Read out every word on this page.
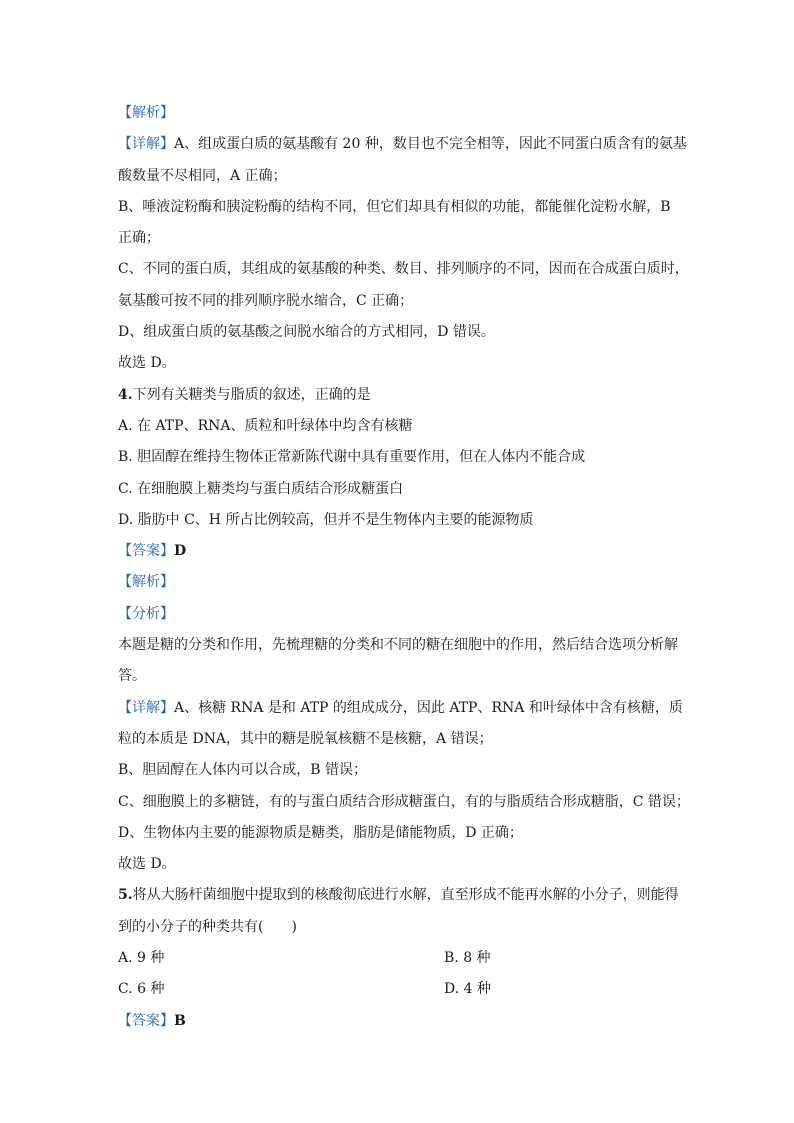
【解析】
【详解】A、组成蛋白质的氨基酸有 20 种，数目也不完全相等，因此不同蛋白质含有的氨基
酸数量不尽相同，A 正确；
B、唾液淀粉酶和胰淀粉酶的结构不同，但它们却具有相似的功能，都能催化淀粉水解，B
正确；
C、不同的蛋白质，其组成的氨基酸的种类、数目、排列顺序的不同，因而在合成蛋白质时，
氨基酸可按不同的排列顺序脱水缩合，C 正确；
D、组成蛋白质的氨基酸之间脱水缩合的方式相同，D 错误。
故选 D。
4.下列有关糖类与脂质的叙述，正确的是
A. 在 ATP、RNA、质粒和叶绿体中均含有核糖
B. 胆固醇在维持生物体正常新陈代谢中具有重要作用，但在人体内不能合成
C. 在细胞膜上糖类均与蛋白质结合形成糖蛋白
D. 脂肪中 C、H 所占比例较高，但并不是生物体内主要的能源物质
【答案】D
【解析】
【分析】
本题是糖的分类和作用，先梳理糖的分类和不同的糖在细胞中的作用，然后结合选项分析解
答。
【详解】A、核糖 RNA 是和 ATP 的组成成分，因此 ATP、RNA 和叶绿体中含有核糖，质
粒的本质是 DNA，其中的糖是脱氧核糖不是核糖，A 错误；
B、胆固醇在人体内可以合成，B 错误；
C、细胞膜上的多糖链，有的与蛋白质结合形成糖蛋白，有的与脂质结合形成糖脂，C 错误；
D、生物体内主要的能源物质是糖类，脂肪是储能物质，D 正确；
故选 D。
5.将从大肠杆菌细胞中提取到的核酸彻底进行水解，直至形成不能再水解的小分子，则能得
到的小分子的种类共有(　　)
A. 9 种	B. 8 种
C. 6 种	D. 4 种
【答案】B
